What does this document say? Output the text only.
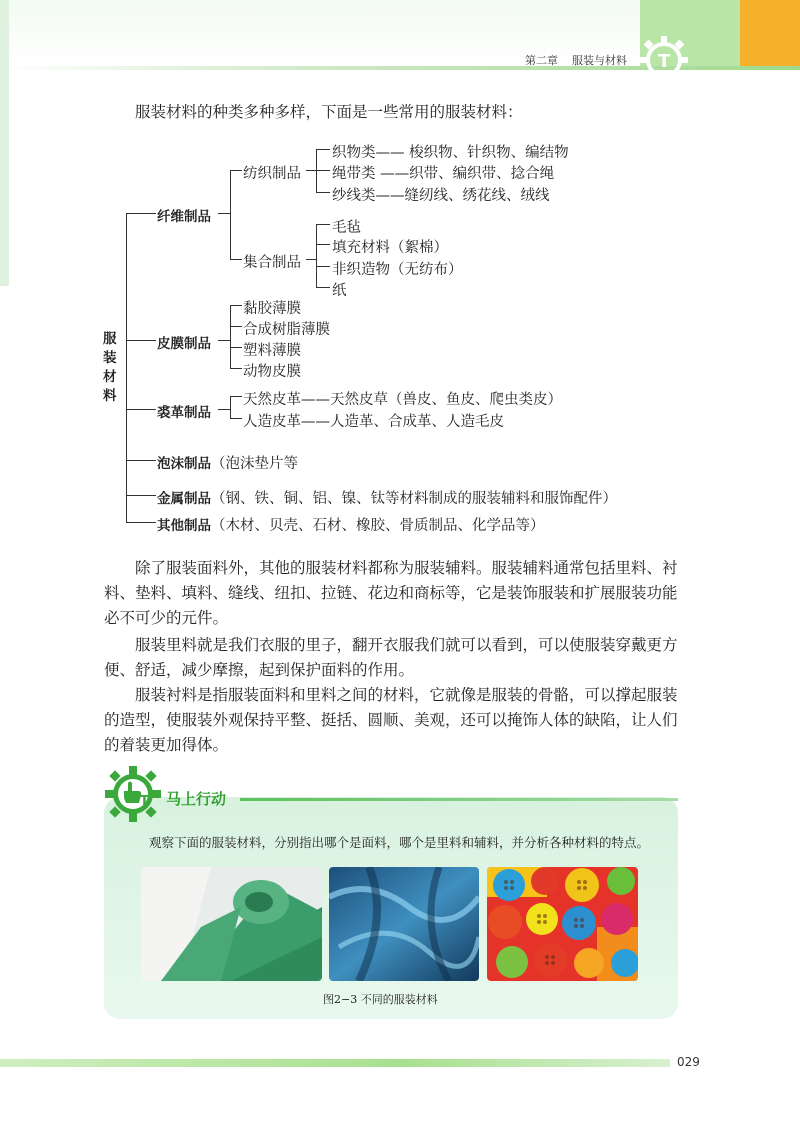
第二章 服装与材料	T
服装材料的种类多种多样，下面是一些常用的服装材料：
服装材料
纤维制品
纺织制品
织物类—— 梭织物、针织物、编结物
绳带类 ——织带、编织带、捻合绳
纱线类——缝纫线、绣花线、绒线
集合制品
毛毡
填充材料（絮棉）
非织造物（无纺布）
纸
皮膜制品
黏胶薄膜
合成树脂薄膜
塑料薄膜
动物皮膜
裘革制品
天然皮革——天然皮草（兽皮、鱼皮、爬虫类皮）
人造皮革——人造革、合成革、人造毛皮
泡沫制品（泡沫垫片等
金属制品（钢、铁、铜、铝、镍、钛等材料制成的服装辅料和服饰配件）
其他制品（木材、贝壳、石材、橡胶、骨质制品、化学品等）
除了服装面料外，其他的服装材料都称为服装辅料。服装辅料通常包括里料、衬料、垫料、填料、缝线、纽扣、拉链、花边和商标等，它是装饰服装和扩展服装功能必不可少的元件。
服装里料就是我们衣服的里子，翻开衣服我们就可以看到，可以使服装穿戴更方便、舒适，减少摩擦，起到保护面料的作用。
服装衬料是指服装面料和里料之间的材料，它就像是服装的骨骼，可以撑起服装的造型，使服装外观保持平整、挺括、圆顺、美观，还可以掩饰人体的缺陷，让人们的着装更加得体。
T 马上行动
观察下面的服装材料，分别指出哪个是面料，哪个是里料和辅料，并分析各种材料的特点。
图2−3 不同的服装材料
029
